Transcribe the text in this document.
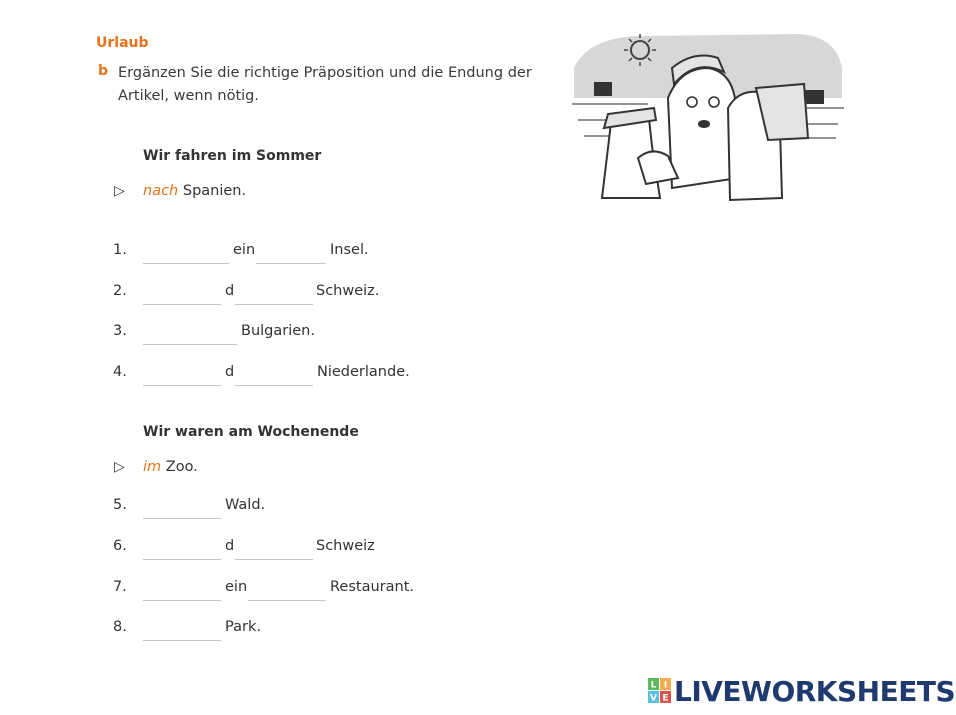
Urlaub
b Ergänzen Sie die richtige Präposition und die Endung der Artikel, wenn nötig.
Wir fahren im Sommer
▷ nach Spanien.
1.	ein	Insel.
2.	d	Schweiz.
3.	Bulgarien.
4.	d	Niederlande.
Wir waren am Wochenende
▷ im Zoo.
5.	Wald.
6.	d	Schweiz
7.	ein	Restaurant.
8.	Park.
L I
V E LIVEWORKSHEETS
